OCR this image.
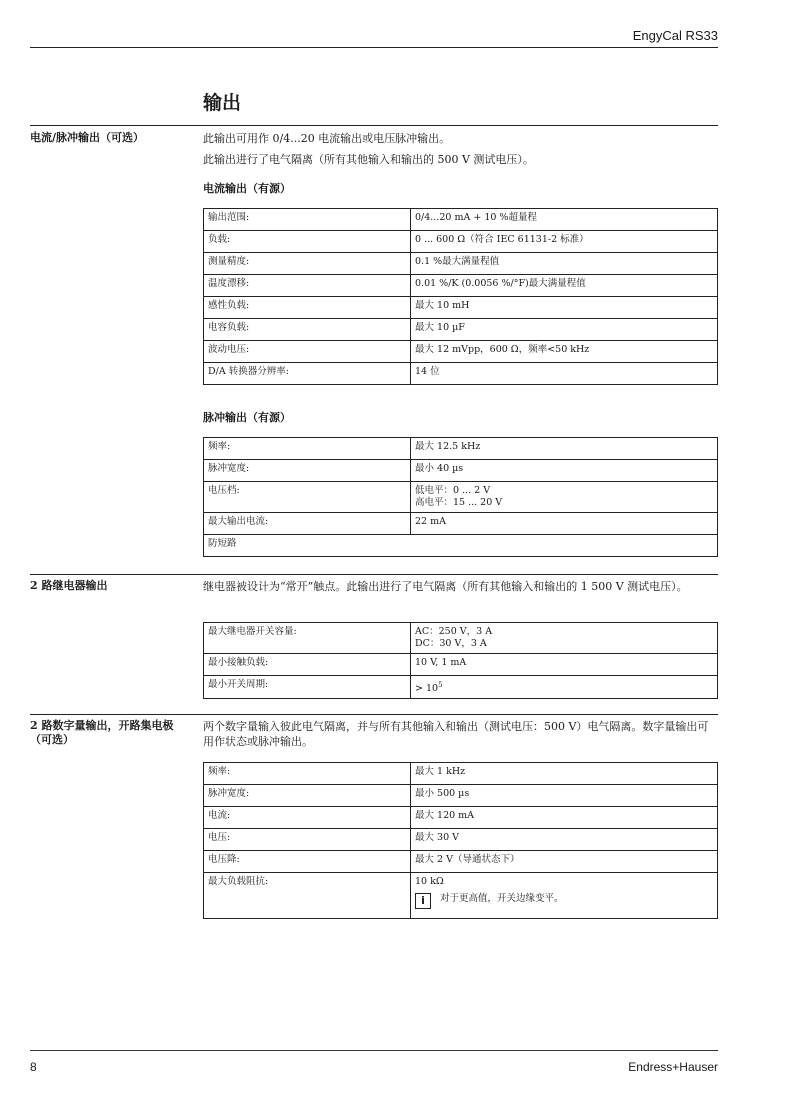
EngyCal RS33
输出
电流/脉冲输出（可选）	此输出可用作 0/4...20 电流输出或电压脉冲输出。
此输出进行了电气隔离（所有其他输入和输出的 500 V 测试电压）。
电流输出（有源）
输出范围:	0/4...20 mA + 10 %超量程
负载:	0 ... 600 Ω（符合 IEC 61131-2 标准）
测量精度:	0.1 %最大满量程值
温度漂移:	0.01 %/K (0.0056 %/°F)最大满量程值
感性负载:	最大 10 mH
电容负载:	最大 10 µF
波动电压:	最大 12 mVpp，600 Ω，频率<50 kHz
D/A 转换器分辨率:	14 位
脉冲输出（有源）
频率:	最大 12.5 kHz
脉冲宽度:	最小 40 µs
电压档:	低电平：0 ... 2 V
高电平：15 ... 20 V

最大输出电流:	22 mA
防短路	
2 路继电器输出	继电器被设计为“常开”触点。此输出进行了电气隔离（所有其他输入和输出的 1 500 V 测试电压）。
最大继电器开关容量:	AC：250 V，3 A
DC：30 V，3 A

最小接触负载:	10 V, 1 mA
最小开关周期:	> $10^5$
2 路数字量输出，开路集电极（可选）
两个数字量输入彼此电气隔离，并与所有其他输入和输出（测试电压：500 V）电气隔离。数字量输出可用作状态或脉冲输出。
频率:	最大 1 kHz
脉冲宽度:	最小 500 µs
电流:	最大 120 mA
电压:	最大 30 V
电压降:	最大 2 V（导通状态下）
最大负载阻抗:	10 kΩ
i 对于更高值，开关边缘变平。
8	Endress+Hauser
